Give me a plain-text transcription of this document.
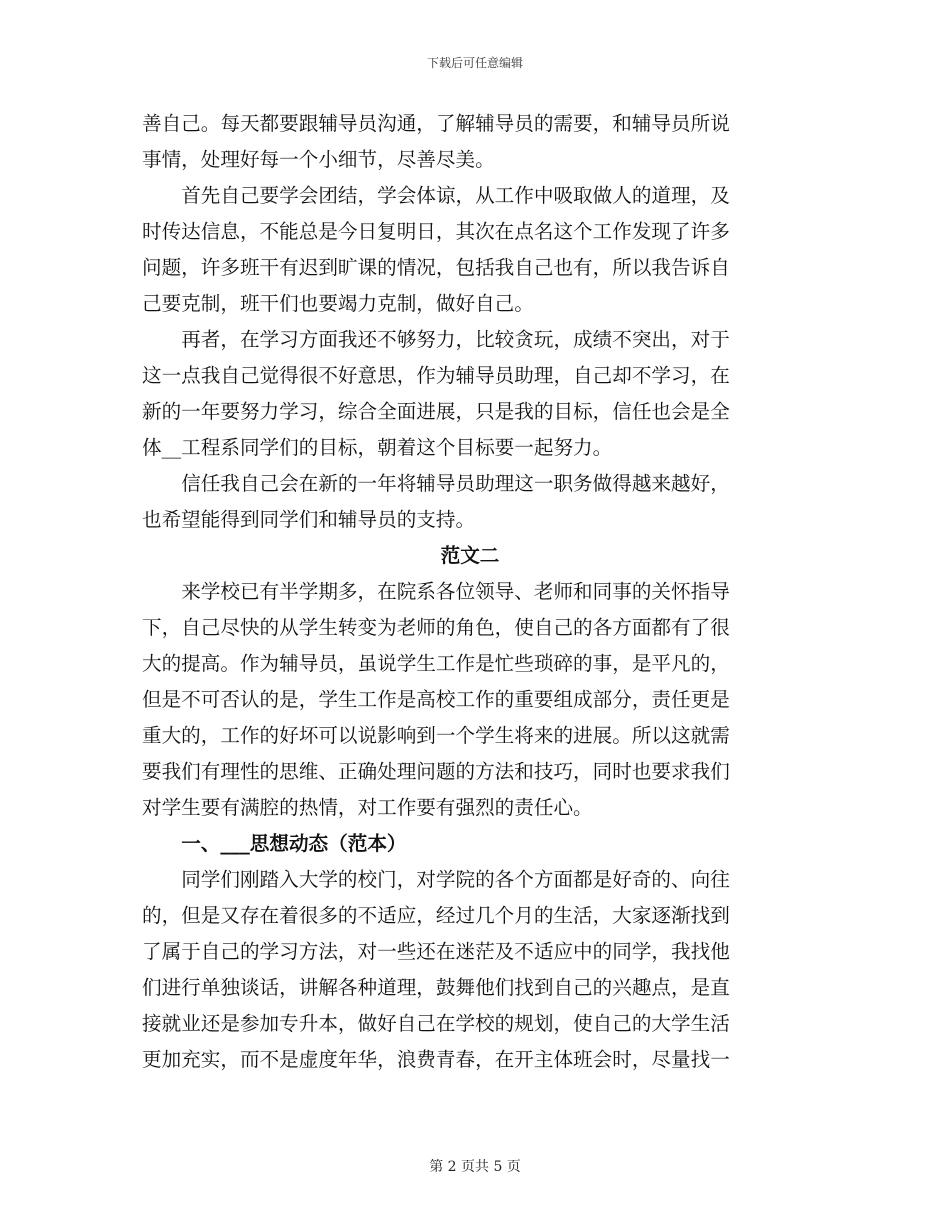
下载后可任意编辑
善自己。每天都要跟辅导员沟通，了解辅导员的需要，和辅导员所说
事情，处理好每一个小细节，尽善尽美。
首先自己要学会团结，学会体谅，从工作中吸取做人的道理，及
时传达信息，不能总是今日复明日，其次在点名这个工作发现了许多
问题，许多班干有迟到旷课的情况，包括我自己也有，所以我告诉自
己要克制，班干们也要竭力克制，做好自己。
再者，在学习方面我还不够努力，比较贪玩，成绩不突出，对于
这一点我自己觉得很不好意思，作为辅导员助理，自己却不学习，在
新的一年要努力学习，综合全面进展，只是我的目标，信任也会是全
体__工程系同学们的目标，朝着这个目标要一起努力。
信任我自己会在新的一年将辅导员助理这一职务做得越来越好，
也希望能得到同学们和辅导员的支持。
范文二
来学校已有半学期多，在院系各位领导、老师和同事的关怀指导
下，自己尽快的从学生转变为老师的角色，使自己的各方面都有了很
大的提高。作为辅导员，虽说学生工作是忙些琐碎的事，是平凡的，
但是不可否认的是，学生工作是高校工作的重要组成部分，责任更是
重大的，工作的好坏可以说影响到一个学生将来的进展。所以这就需
要我们有理性的思维、正确处理问题的方法和技巧，同时也要求我们
对学生要有满腔的热情，对工作要有强烈的责任心。
一、___思想动态（范本）
同学们刚踏入大学的校门，对学院的各个方面都是好奇的、向往
的，但是又存在着很多的不适应，经过几个月的生活，大家逐渐找到
了属于自己的学习方法，对一些还在迷茫及不适应中的同学，我找他
们进行单独谈话，讲解各种道理，鼓舞他们找到自己的兴趣点，是直
接就业还是参加专升本，做好自己在学校的规划，使自己的大学生活
更加充实，而不是虚度年华，浪费青春，在开主体班会时，尽量找一
第 2 页共 5 页
